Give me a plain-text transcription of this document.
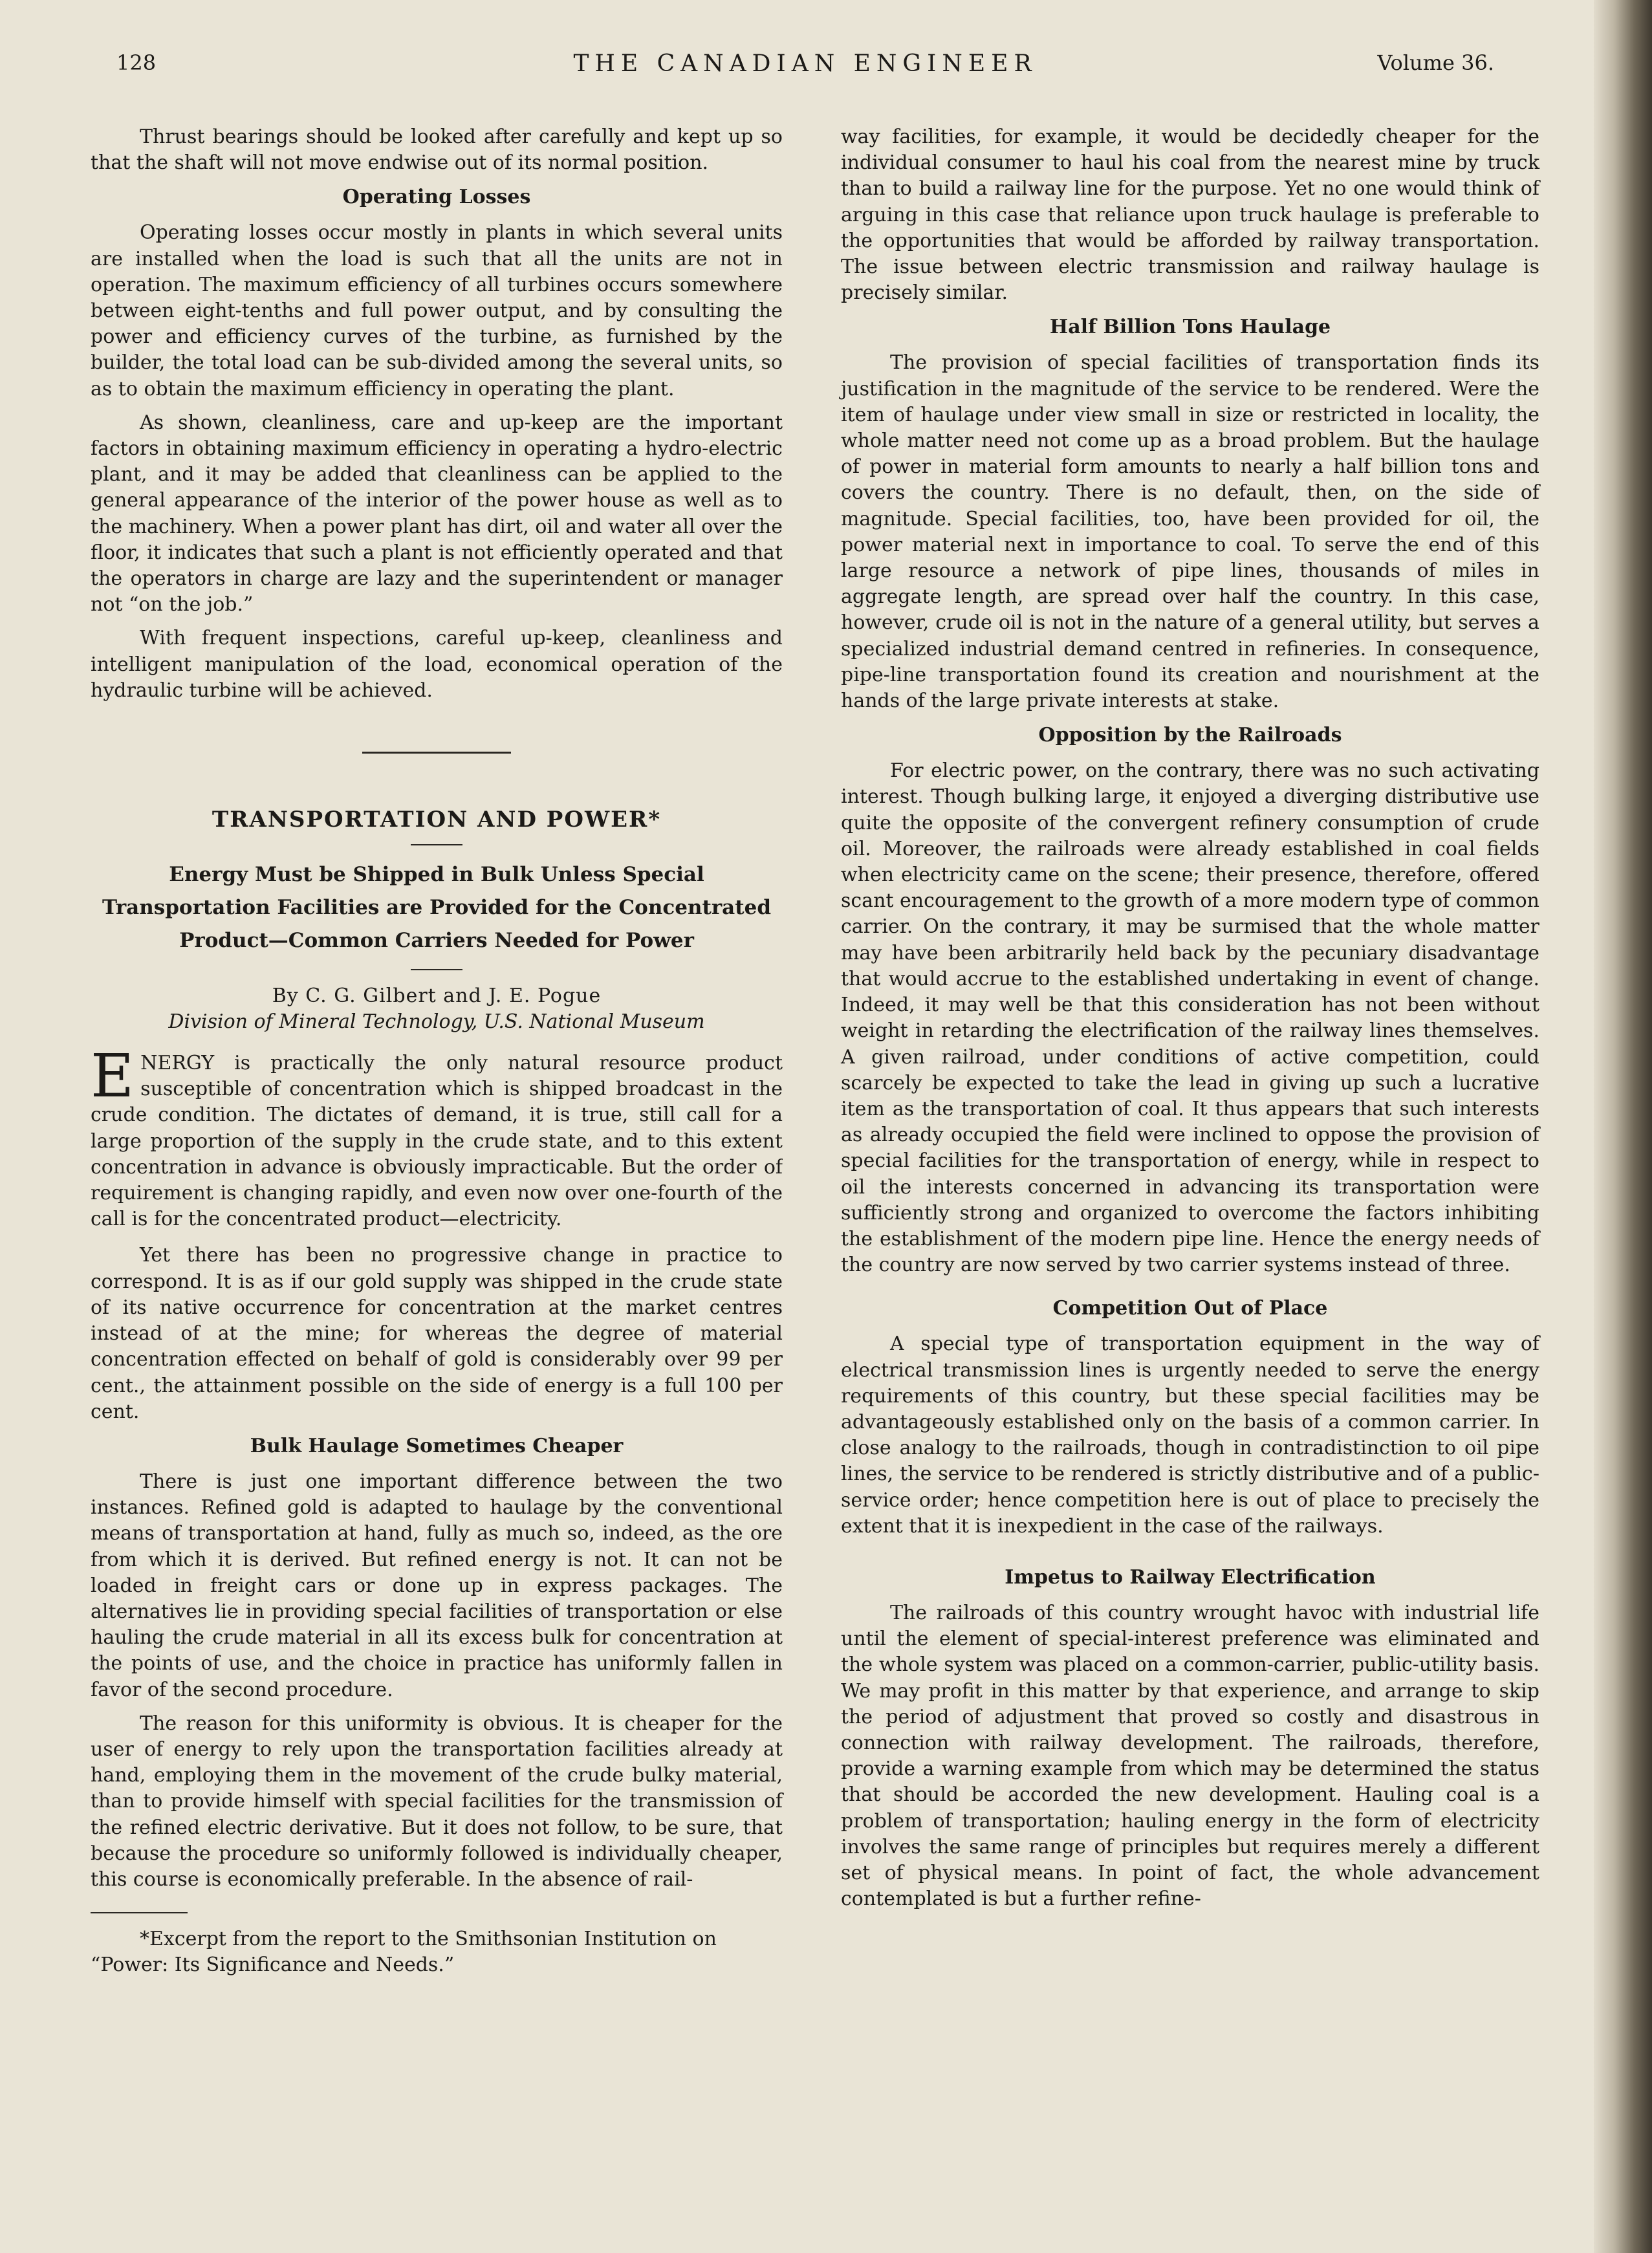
128	THE CANADIAN ENGINEER	Volume 36.

Thrust bearings should be looked after carefully and kept up so that the shaft will not move endwise out of its normal position.

Operating Losses

Operating losses occur mostly in plants in which several units are installed when the load is such that all the units are not in operation. The maximum efficiency of all turbines occurs somewhere between eight-tenths and full power output, and by consulting the power and efficiency curves of the turbine, as furnished by the builder, the total load can be sub-divided among the several units, so as to obtain the maximum efficiency in operating the plant.

As shown, cleanliness, care and up-keep are the important factors in obtaining maximum efficiency in operating a hydro-electric plant, and it may be added that cleanliness can be applied to the general appearance of the interior of the power house as well as to the machinery. When a power plant has dirt, oil and water all over the floor, it indicates that such a plant is not efficiently operated and that the operators in charge are lazy and the superintendent or manager not “on the job.”

With frequent inspections, careful up-keep, cleanliness and intelligent manipulation of the load, economical operation of the hydraulic turbine will be achieved.

TRANSPORTATION AND POWER*

Energy Must be Shipped in Bulk Unless Special Transportation Facilities are Provided for the Concentrated Product—Common Carriers Needed for Power

By C. G. Gilbert and J. E. Pogue

Division of Mineral Technology, U.S. National Museum

E NERGY is practically the only natural resource product susceptible of concentration which is shipped broadcast in the crude condition. The dictates of demand, it is true, still call for a large proportion of the supply in the crude state, and to this extent concentration in advance is obviously impracticable. But the order of requirement is changing rapidly, and even now over one-fourth of the call is for the concentrated product—electricity.

Yet there has been no progressive change in practice to correspond. It is as if our gold supply was shipped in the crude state of its native occurrence for concentration at the market centres instead of at the mine; for whereas the degree of material concentration effected on behalf of gold is considerably over 99 per cent., the attainment possible on the side of energy is a full 100 per cent.

Bulk Haulage Sometimes Cheaper

There is just one important difference between the two instances. Refined gold is adapted to haulage by the conventional means of transportation at hand, fully as much so, indeed, as the ore from which it is derived. But refined energy is not. It can not be loaded in freight cars or done up in express packages. The alternatives lie in providing special facilities of transportation or else hauling the crude material in all its excess bulk for concentration at the points of use, and the choice in practice has uniformly fallen in favor of the second procedure.

The reason for this uniformity is obvious. It is cheaper for the user of energy to rely upon the transportation facilities already at hand, employing them in the movement of the crude bulky material, than to provide himself with special facilities for the transmission of the refined electric derivative. But it does not follow, to be sure, that because the procedure so uniformly followed is individually cheaper, this course is economically preferable. In the absence of rail-

*Excerpt from the report to the Smithsonian Institution on “Power: Its Significance and Needs.”

way facilities, for example, it would be decidedly cheaper for the individual consumer to haul his coal from the nearest mine by truck than to build a railway line for the purpose. Yet no one would think of arguing in this case that reliance upon truck haulage is preferable to the opportunities that would be afforded by railway transportation. The issue between electric transmission and railway haulage is precisely similar.

Half Billion Tons Haulage

The provision of special facilities of transportation finds its justification in the magnitude of the service to be rendered. Were the item of haulage under view small in size or restricted in locality, the whole matter need not come up as a broad problem. But the haulage of power in material form amounts to nearly a half billion tons and covers the country. There is no default, then, on the side of magnitude. Special facilities, too, have been provided for oil, the power material next in importance to coal. To serve the end of this large resource a network of pipe lines, thousands of miles in aggregate length, are spread over half the country. In this case, however, crude oil is not in the nature of a general utility, but serves a specialized industrial demand centred in refineries. In consequence, pipe-line transportation found its creation and nourishment at the hands of the large private interests at stake.

Opposition by the Railroads

For electric power, on the contrary, there was no such activating interest. Though bulking large, it enjoyed a diverging distributive use quite the opposite of the convergent refinery consumption of crude oil. Moreover, the railroads were already established in coal fields when electricity came on the scene; their presence, therefore, offered scant encouragement to the growth of a more modern type of common carrier. On the contrary, it may be surmised that the whole matter may have been arbitrarily held back by the pecuniary disadvantage that would accrue to the established undertaking in event of change. Indeed, it may well be that this consideration has not been without weight in retarding the electrification of the railway lines themselves. A given railroad, under conditions of active competition, could scarcely be expected to take the lead in giving up such a lucrative item as the transportation of coal. It thus appears that such interests as already occupied the field were inclined to oppose the provision of special facilities for the transportation of energy, while in respect to oil the interests concerned in advancing its transportation were sufficiently strong and organized to overcome the factors inhibiting the establishment of the modern pipe line. Hence the energy needs of the country are now served by two carrier systems instead of three.

Competition Out of Place

A special type of transportation equipment in the way of electrical transmission lines is urgently needed to serve the energy requirements of this country, but these special facilities may be advantageously established only on the basis of a common carrier. In close analogy to the railroads, though in contradistinction to oil pipe lines, the service to be rendered is strictly distributive and of a public-service order; hence competition here is out of place to precisely the extent that it is inexpedient in the case of the railways.

Impetus to Railway Electrification

The railroads of this country wrought havoc with industrial life until the element of special-interest preference was eliminated and the whole system was placed on a common-carrier, public-utility basis. We may profit in this matter by that experience, and arrange to skip the period of adjustment that proved so costly and disastrous in connection with railway development. The railroads, therefore, provide a warning example from which may be determined the status that should be accorded the new development. Hauling coal is a problem of transportation; hauling energy in the form of electricity involves the same range of principles but requires merely a different set of physical means. In point of fact, the whole advancement contemplated is but a further refine-
